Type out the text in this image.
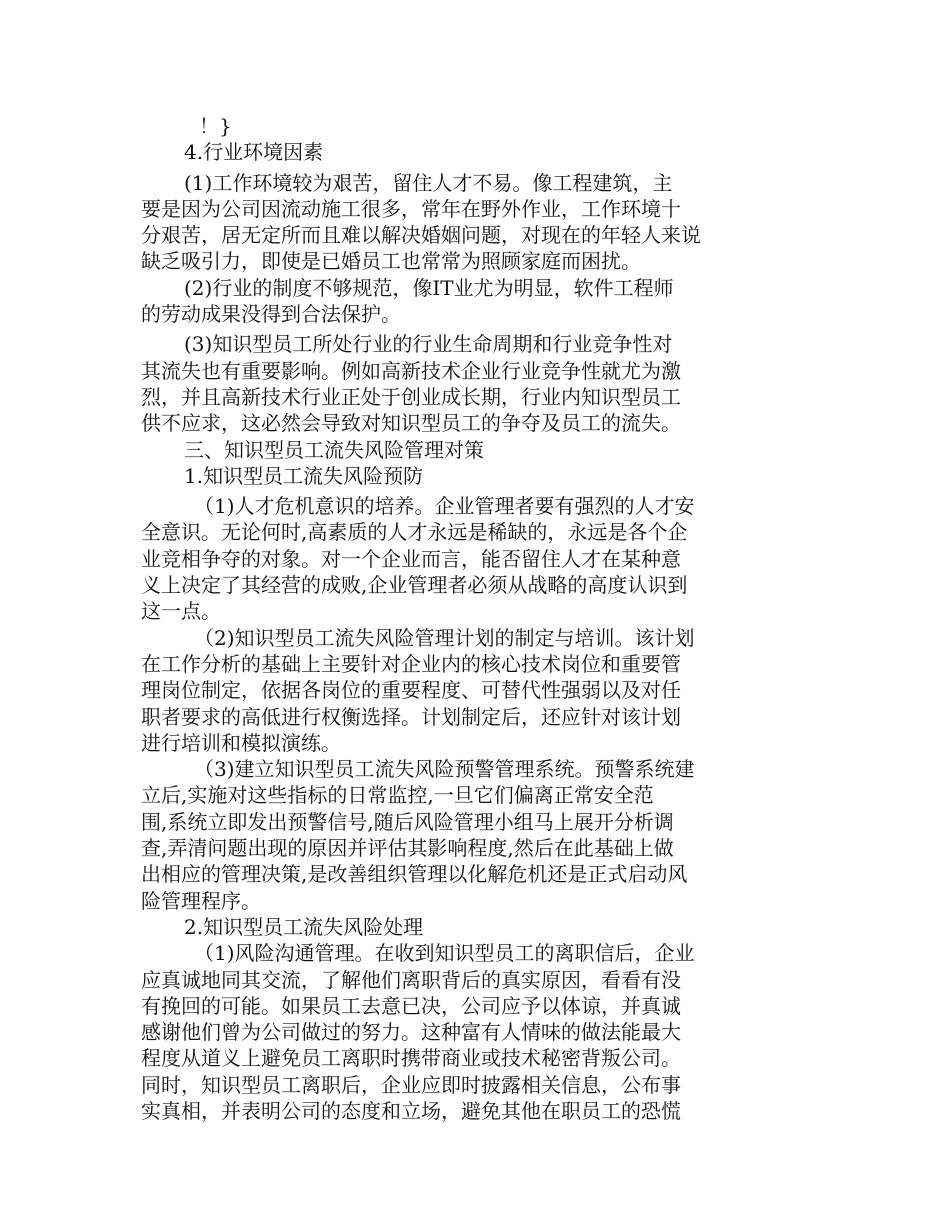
！}

4.行业环境因素

(1)工作环境较为艰苦，留住人才不易。像工程建筑，主

要是因为公司因流动施工很多，常年在野外作业，工作环境十

分艰苦，居无定所而且难以解决婚姻问题，对现在的年轻人来说

缺乏吸引力，即使是已婚员工也常常为照顾家庭而困扰。

(2)行业的制度不够规范，像IT业尤为明显，软件工程师

的劳动成果没得到合法保护。

(3)知识型员工所处行业的行业生命周期和行业竞争性对

其流失也有重要影响。例如高新技术企业行业竞争性就尤为激

烈，并且高新技术行业正处于创业成长期，行业内知识型员工

供不应求，这必然会导致对知识型员工的争夺及员工的流失。

三、知识型员工流失风险管理对策

1.知识型员工流失风险预防

（1)人才危机意识的培养。企业管理者要有强烈的人才安

全意识。无论何时,高素质的人才永远是稀缺的，永远是各个企

业竞相争夺的对象。对一个企业而言，能否留住人才在某种意

义上决定了其经营的成败,企业管理者必须从战略的高度认识到

这一点。

（2)知识型员工流失风险管理计划的制定与培训。该计划

在工作分析的基础上主要针对企业内的核心技术岗位和重要管

理岗位制定，依据各岗位的重要程度、可替代性强弱以及对任

职者要求的高低进行权衡选择。计划制定后，还应针对该计划

进行培训和模拟演练。

（3)建立知识型员工流失风险预警管理系统。预警系统建

立后,实施对这些指标的日常监控,一旦它们偏离正常安全范

围,系统立即发出预警信号,随后风险管理小组马上展开分析调

查,弄清问题出现的原因并评估其影响程度,然后在此基础上做

出相应的管理决策,是改善组织管理以化解危机还是正式启动风

险管理程序。

2.知识型员工流失风险处理

（1)风险沟通管理。在收到知识型员工的离职信后，企业

应真诚地同其交流，了解他们离职背后的真实原因，看看有没

有挽回的可能。如果员工去意已决，公司应予以体谅，并真诚

感谢他们曾为公司做过的努力。这种富有人情味的做法能最大

程度从道义上避免员工离职时携带商业或技术秘密背叛公司。

同时，知识型员工离职后，企业应即时披露相关信息，公布事

实真相，并表明公司的态度和立场，避免其他在职员工的恐慌
